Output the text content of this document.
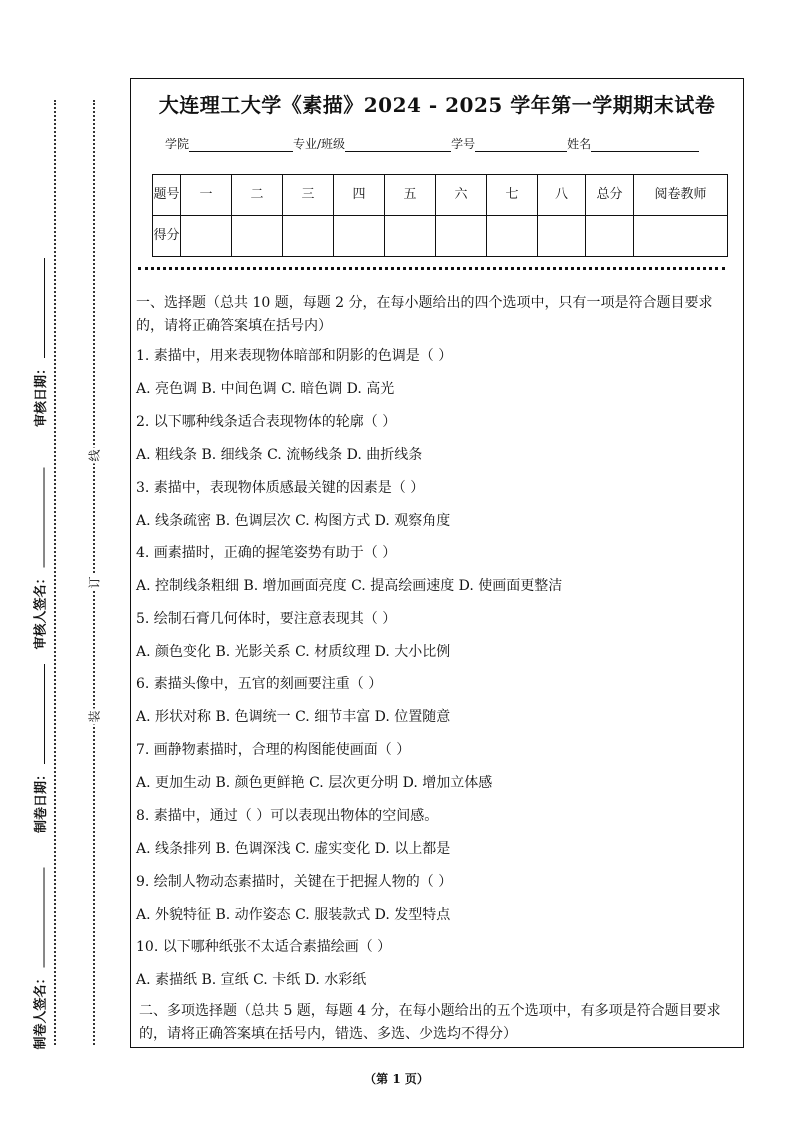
审核日期：
审核人签名：
制卷日期：
制卷人签名：
线
订
装
大连理工大学《素描》2024 - 2025 学年第一学期期末试卷
学院	专业/班级	学号	姓名
题号	一	二	三	四	五	六	七	八	总分	阅卷教师
得分										
一、选择题（总共 10 题，每题 2 分，在每小题给出的四个选项中，只有一项是符合题目要求的，请将正确答案填在括号内）
1. 素描中，用来表现物体暗部和阴影的色调是（ ）
A. 亮色调 B. 中间色调 C. 暗色调 D. 高光
2. 以下哪种线条适合表现物体的轮廓（ ）
A. 粗线条 B. 细线条 C. 流畅线条 D. 曲折线条
3. 素描中，表现物体质感最关键的因素是（ ）
A. 线条疏密 B. 色调层次 C. 构图方式 D. 观察角度
4. 画素描时，正确的握笔姿势有助于（ ）
A. 控制线条粗细 B. 增加画面亮度 C. 提高绘画速度 D. 使画面更整洁
5. 绘制石膏几何体时，要注意表现其（ ）
A. 颜色变化 B. 光影关系 C. 材质纹理 D. 大小比例
6. 素描头像中，五官的刻画要注重（ ）
A. 形状对称 B. 色调统一 C. 细节丰富 D. 位置随意
7. 画静物素描时，合理的构图能使画面（ ）
A. 更加生动 B. 颜色更鲜艳 C. 层次更分明 D. 增加立体感
8. 素描中，通过（ ）可以表现出物体的空间感。
A. 线条排列 B. 色调深浅 C. 虚实变化 D. 以上都是
9. 绘制人物动态素描时，关键在于把握人物的（ ）
A. 外貌特征 B. 动作姿态 C. 服装款式 D. 发型特点
10. 以下哪种纸张不太适合素描绘画（ ）
A. 素描纸 B. 宣纸 C. 卡纸 D. 水彩纸
二、多项选择题（总共 5 题，每题 4 分，在每小题给出的五个选项中，有多项是符合题目要求的，请将正确答案填在括号内，错选、多选、少选均不得分）
（第 1 页）
